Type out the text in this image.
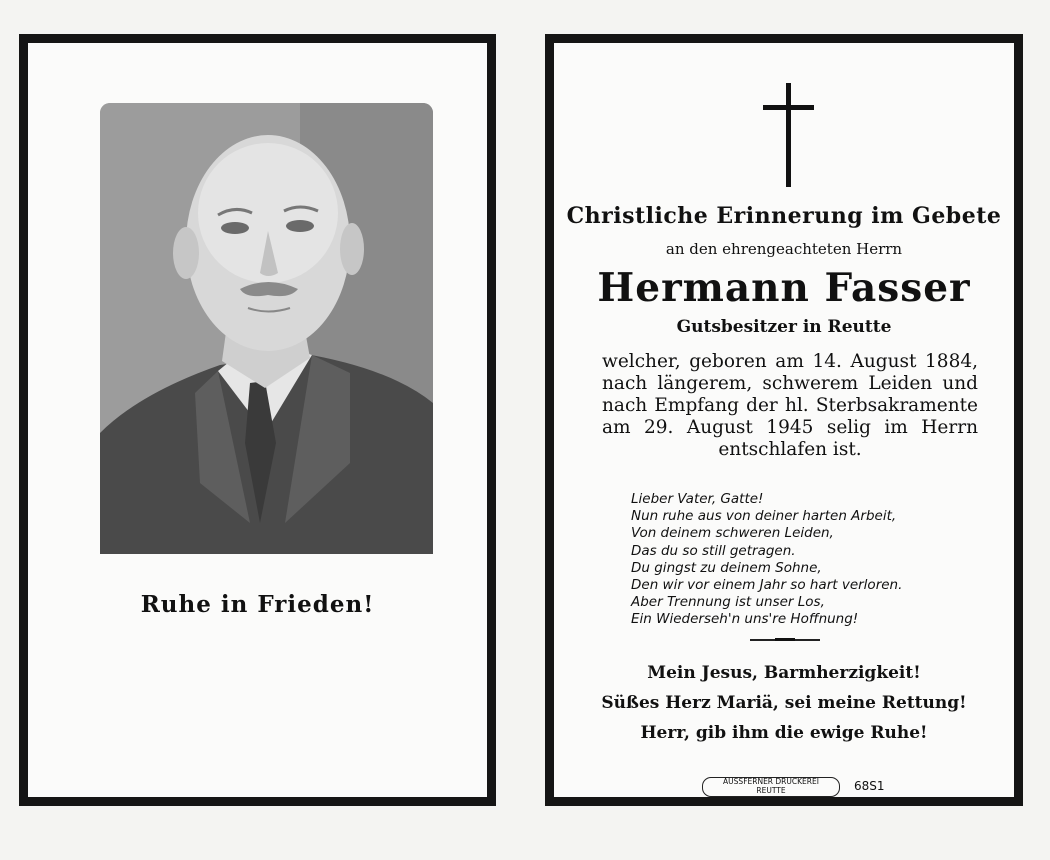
Ruhe in Frieden!
Christliche Erinnerung im Gebete
an den ehrengeachteten Herrn
Hermann Fasser
Gutsbesitzer in Reutte
welcher, geboren am 14. August 1884,
nach längerem, schwerem Leiden und
nach Empfang der hl. Sterbsakramente
am 29. August 1945 selig im Herrn
entschlafen ist.
Lieber Vater, Gatte!
Nun ruhe aus von deiner harten Arbeit,
Von deinem schweren Leiden,
Das du so still getragen.
Du gingst zu deinem Sohne,
Den wir vor einem Jahr so hart verloren.
Aber Trennung ist unser Los,
Ein Wiederseh'n uns're Hoffnung!
Mein Jesus, Barmherzigkeit!
Süßes Herz Mariä, sei meine Rettung!
Herr, gib ihm die ewige Ruhe!
AUSSFERNER DRUCKEREI
REUTTE	68S1
